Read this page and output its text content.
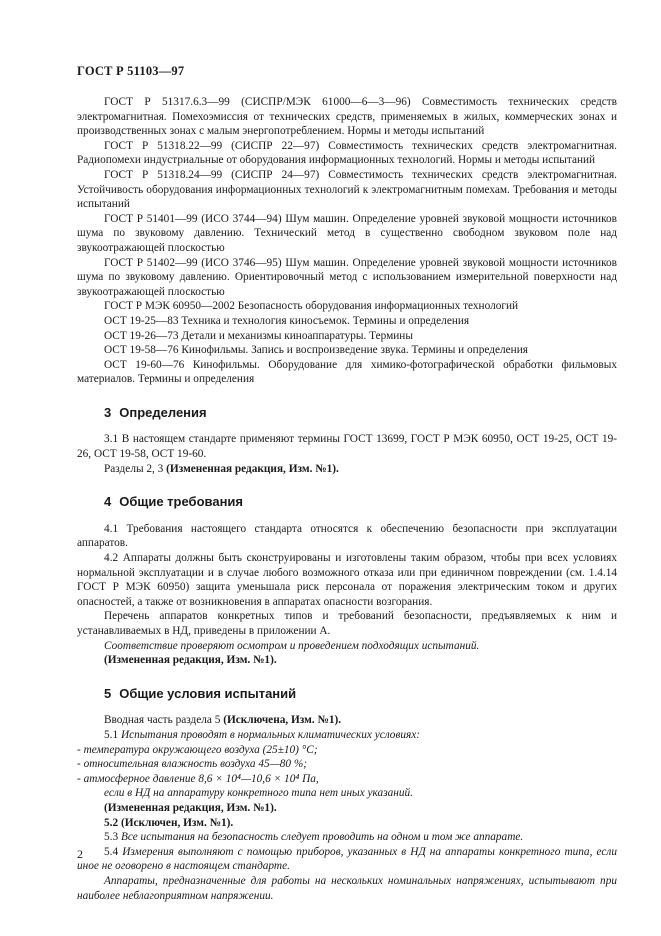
ГОСТ Р 51103—97

ГОСТ Р 51317.6.3—99 (СИСПР/МЭК 61000—6—3—96) Совместимость технических средств электромагнитная. Помехоэмиссия от технических средств, применяемых в жилых, коммерческих зонах и производственных зонах с малым энергопотреблением. Нормы и методы испытаний

ГОСТ Р 51318.22—99 (СИСПР 22—97) Совместимость технических средств электромагнитная. Радиопомехи индустриальные от оборудования информационных технологий. Нормы и методы испытаний

ГОСТ Р 51318.24—99 (СИСПР 24—97) Совместимость технических средств электромагнитная. Устойчивость оборудования информационных технологий к электромагнитным помехам. Требования и методы испытаний

ГОСТ Р 51401—99 (ИСО 3744—94) Шум машин. Определение уровней звуковой мощности источников шума по звуковому давлению. Технический метод в существенно свободном звуковом поле над звукоотражающей плоскостью

ГОСТ Р 51402—99 (ИСО 3746—95) Шум машин. Определение уровней звуковой мощности источников шума по звуковому давлению. Ориентировочный метод с использованием измерительной поверхности над звукоотражающей плоскостью

ГОСТ Р МЭК 60950—2002 Безопасность оборудования информационных технологий

ОСТ 19-25—83 Техника и технология киносъемок. Термины и определения

ОСТ 19-26—73 Детали и механизмы киноаппаратуры. Термины

ОСТ 19-58—76 Кинофильмы. Запись и воспроизведение звука. Термины и определения

ОСТ 19-60—76 Кинофильмы. Оборудование для химико-фотографической обработки фильмовых материалов. Термины и определения

3 Определения

3.1 В настоящем стандарте применяют термины ГОСТ 13699, ГОСТ Р МЭК 60950, ОСТ 19-25, ОСТ 19-26, ОСТ 19-58, ОСТ 19-60.

Разделы 2, 3 (Измененная редакция, Изм. №1).

4 Общие требования

4.1 Требования настоящего стандарта относятся к обеспечению безопасности при эксплуатации аппаратов.

4.2 Аппараты должны быть сконструированы и изготовлены таким образом, чтобы при всех условиях нормальной эксплуатации и в случае любого возможного отказа или при единичном повреждении (см. 1.4.14 ГОСТ Р МЭК 60950) защита уменьшала риск персонала от поражения электрическим током и других опасностей, а также от возникновения в аппаратах опасности возгорания.

Перечень аппаратов конкретных типов и требований безопасности, предъявляемых к ним и устанавливаемых в НД, приведены в приложении А.

Соответствие проверяют осмотром и проведением подходящих испытаний.

(Измененная редакция, Изм. №1).

5 Общие условия испытаний

Вводная часть раздела 5 (Исключена, Изм. №1).

5.1 Испытания проводят в нормальных климатических условиях:

- температура окружающего воздуха (25±10) °С;

- относительная влажность воздуха 45—80 %;

- атмосферное давление 8,6 × 10⁴—10,6 × 10⁴ Па,

если в НД на аппаратуру конкретного типа нет иных указаний.

(Измененная редакция, Изм. №1).

5.2 (Исключен, Изм. №1).

5.3 Все испытания на безопасность следует проводить на одном и том же аппарате.

5.4 Измерения выполняют с помощью приборов, указанных в НД на аппараты конкретного типа, если иное не оговорено в настоящем стандарте.

Аппараты, предназначенные для работы на нескольких номинальных напряжениях, испытывают при наиболее неблагоприятном напряжении.

2
